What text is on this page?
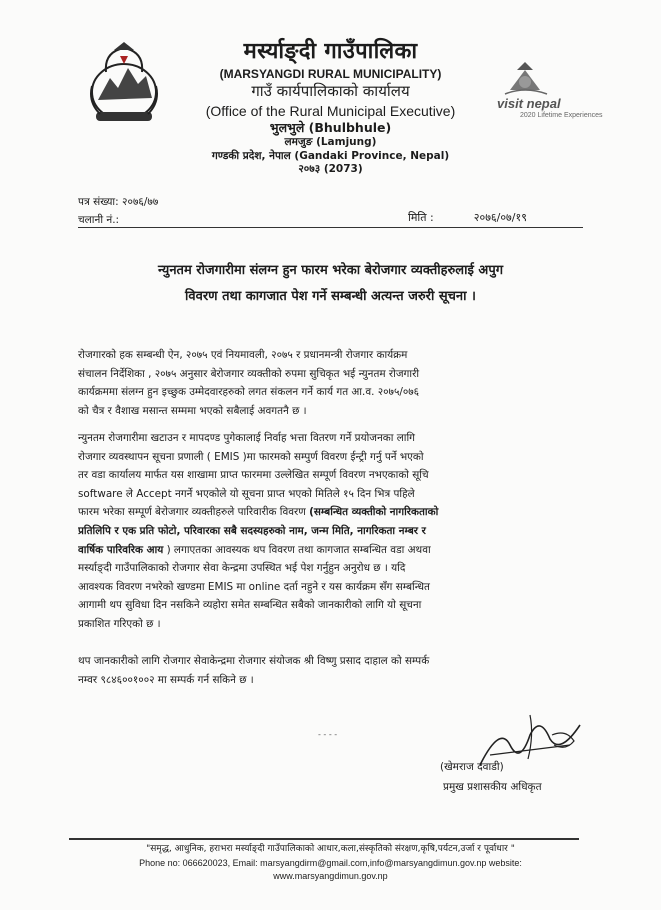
visit nepal
2020 Lifetime Experiences
मर्स्याङ्दी गाउँपालिका
(MARSYANGDI RURAL MUNICIPALITY)
गाउँ कार्यपालिकाको कार्यालय
(Office of the Rural Municipal Executive)
भुलभुले (Bhulbhule)
लमजुङ (Lamjung)
गण्डकी प्रदेश, नेपाल (Gandaki Province, Nepal)
२०७३ (2073)
पत्र संख्या: २०७६/७७
चलानी नं.:	मिति :	२०७६/०७/१९
न्युनतम रोजगारीमा संलग्न हुन फारम भरेका बेरोजगार व्यक्तीहरुलाई अपुग
विवरण तथा कागजात पेश गर्ने सम्बन्धी अत्यन्त जरुरी सूचना ।
रोजगारको हक सम्बन्धी ऐन, २०७५ एवं नियमावली, २०७५ र प्रधानमन्त्री रोजगार कार्यक्रम
संचालन निर्देशिका , २०७५ अनुसार बेरोजगार व्यक्तीको रुपमा सुचिकृत भई न्युनतम रोजगारी
कार्यक्रममा संलग्न हुन इच्छुक उम्मेदवारहरुको लगत संकलन गर्ने कार्य गत आ.व. २०७५/०७६
को चैत्र र वैशाख मसान्त सम्ममा भएको सबैलाई अवगतनै छ ।
न्युनतम रोजगारीमा खटाउन र मापदण्ड पुगेकालाई निर्वाह भत्ता वितरण गर्ने प्रयोजनका लागि
रोजगार व्यवस्थापन सूचना प्रणाली ( EMIS )मा फारमको सम्पुर्ण विवरण ईन्ट्री गर्नु पर्ने भएको
तर वडा कार्यालय मार्फत यस शाखामा प्राप्त फारममा उल्लेखित सम्पूर्ण विवरण नभएकाको सूचि
software ले Accept नगर्ने भएकोले यो सूचना प्राप्त भएको मितिले १५ दिन भित्र पहिले
फारम भरेका सम्पूर्ण बेरोजगार व्यक्तीहरुले पारिवारीक विवरण (सम्बन्धित व्यक्तीको नागरिकताको
प्रतिलिपि र एक प्रति फोटो, परिवारका सबै सदस्यहरुको नाम, जन्म मिति, नागरिकता नम्बर र
वार्षिक पारिवरिक आय ) लगाएतका आवस्यक थप विवरण तथा कागजात सम्बन्धित वडा अथवा
मर्स्याङ्दी गाउँपालिकाको रोजगार सेवा केन्द्रमा उपस्थित भई पेश गर्नुहुन अनुरोध छ । यदि
आवश्यक विवरण नभरेको खण्डमा EMIS मा online दर्ता नहुने र यस कार्यक्रम सँग सम्बन्धित
आगामी थप सुविधा दिन नसकिने व्यहोरा समेत सम्बन्धित सबैको जानकारीको लागि यो सूचना
प्रकाशित गरिएको छ ।
थप जानकारीको लागि रोजगार सेवाकेन्द्रमा रोजगार संयोजक श्री विष्णु प्रसाद दाहाल को सम्पर्क
नम्वर ९८४६००१००२ मा सम्पर्क गर्न सकिने छ ।
- - - -
(खेमराज दवाडी)
प्रमुख प्रशासकीय अधिकृत
"समृद्ध, आधुनिक, हराभरा मर्स्याङ्दी गाउँपालिकाको आधार,कला,संस्कृतिको संरक्षण,कृषि,पर्यटन,उर्जा र पूर्वाधार "
Phone no: 066620023, Email: marsyangdirm@gmail.com,info@marsyangdimun.gov.np website:
www.marsyangdimun.gov.np
